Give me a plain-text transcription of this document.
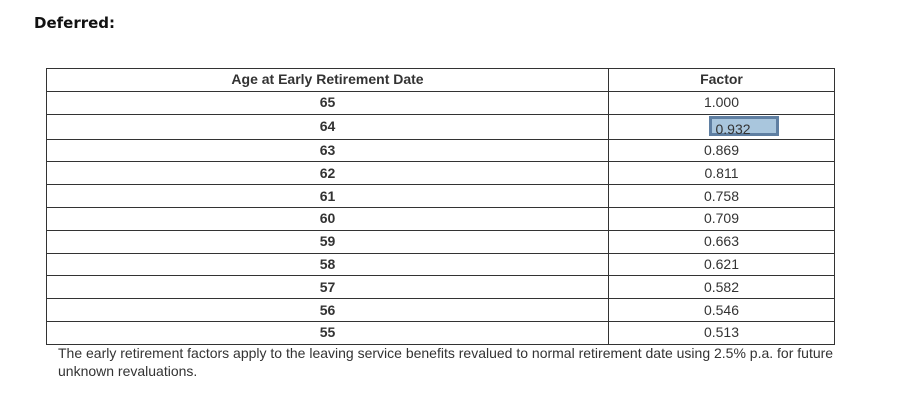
Deferred:
Age at Early Retirement Date	Factor
65	1.000
64	0.932
63	0.869
62	0.811
61	0.758
60	0.709
59	0.663
58	0.621
57	0.582
56	0.546
55	0.513

The early retirement factors apply to the leaving service benefits revalued to normal retirement date using 2.5% p.a. for future unknown revaluations.
